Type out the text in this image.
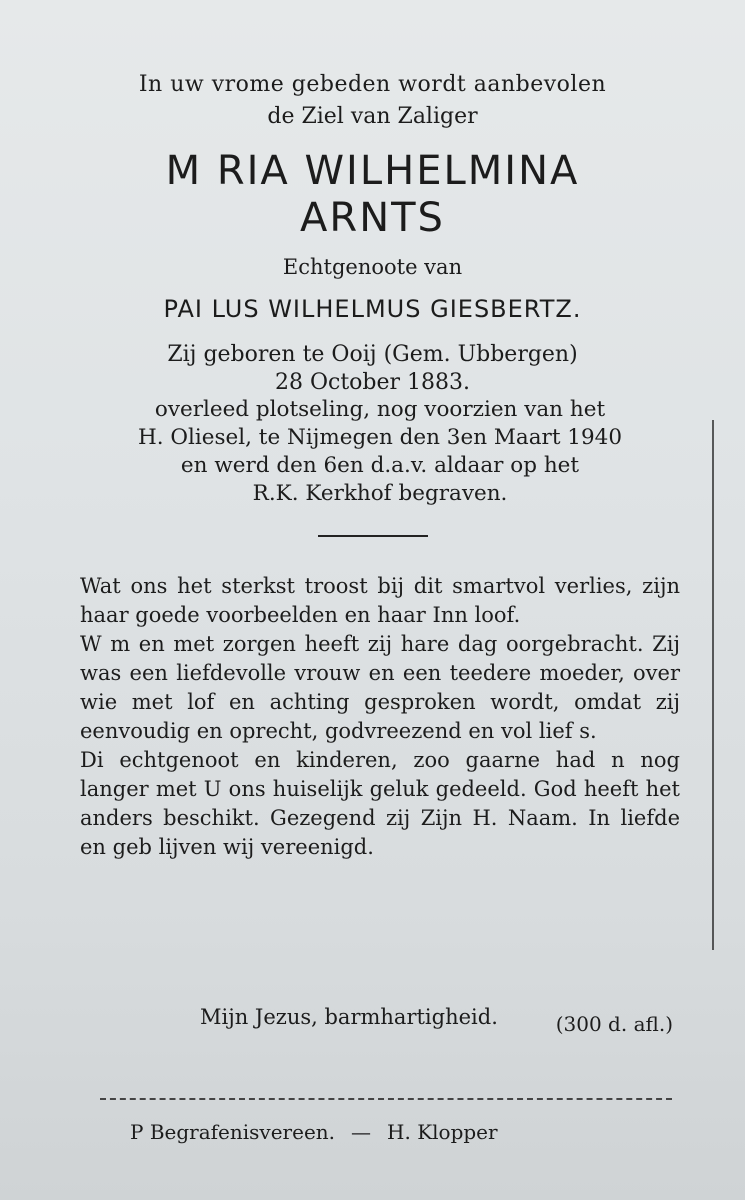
In uw vrome gebeden wordt aanbevolen
de Ziel van Zaliger
M RIA WILHELMINA
ARNTS
Echtgenoote van
PAI LUS WILHELMUS GIESBERTZ.
Zij geboren te Ooij (Gem. Ubbergen)
28 October 1883.
overleed plotseling, nog voorzien van het
H. Oliesel, te Nijmegen den 3en Maart 1940
en werd den 6en d.a.v. aldaar op het
R.K. Kerkhof begraven.

Wat ons het sterkst troost bij dit smartvol verlies, zijn haar goede voorbeelden en haar Inn loof.

W m en met zorgen heeft zij hare dag oorgebracht. Zij was een liefdevolle vrouw en een teedere moeder, over wie met lof en achting gesproken wordt, omdat zij eenvoudig en oprecht, godvreezend en vol lief s.

Di echtgenoot en kinderen, zoo gaarne had n nog langer met U ons huiselijk geluk gedeeld. God heeft het anders beschikt. Gezegend zij Zijn H. Naam. In liefde en geb lijven wij vereenigd.

Mijn Jezus, barmhartigheid.	(300 d. afl.)
P Begrafenisvereen. — H. Klopper
